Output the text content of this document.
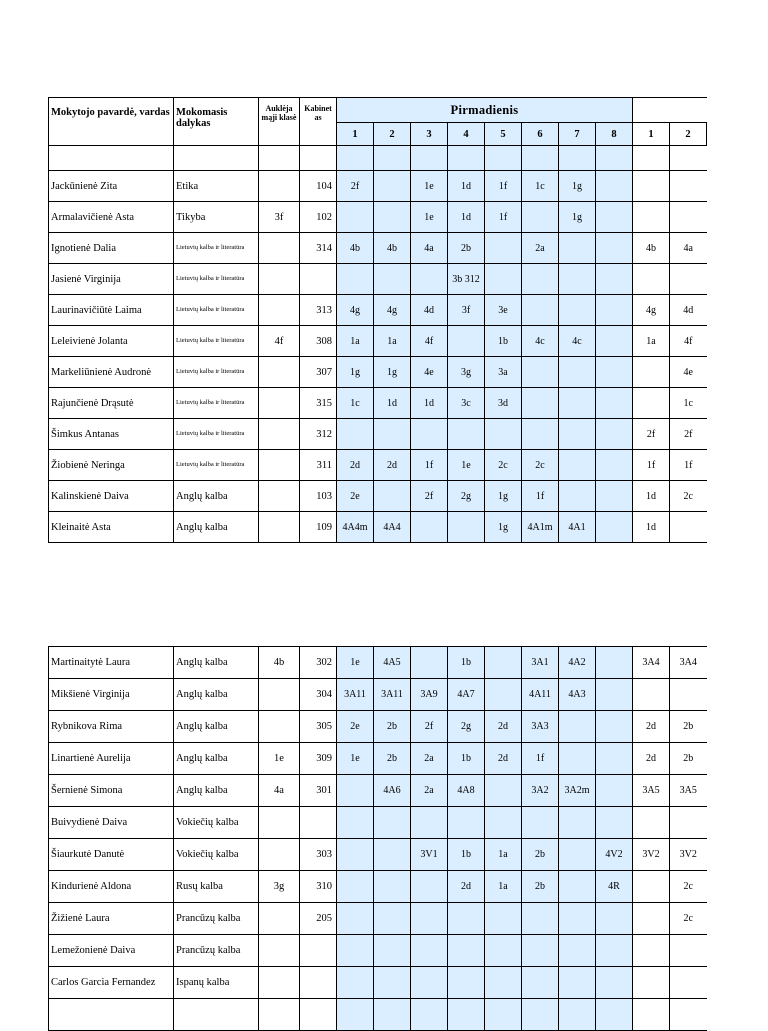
Mokytojo pavardė, vardas	Mokomasis dalykas	Auklėja mąji klasė	Kabinet as	Pirmadienis									
				1	2	3	4	5	6	7	8	1	2

Jackūnienė Zita	Etika		104	2f		1e	1d	1f	1c	1g			
Armalavičienė Asta	Tikyba	3f	102			1e	1d	1f		1g			
Ignotienė Dalia	Lietuvių kalba ir literatūra		314	4b	4b	4a	2b		2a			4b	4a
Jasienė Virginija	Lietuvių kalba ir literatūra						3b 312						
Laurinavičiūtė Laima	Lietuvių kalba ir literatūra		313	4g	4g	4d	3f	3e				4g	4d
Leleivienė Jolanta	Lietuvių kalba ir literatūra	4f	308	1a	1a	4f		1b	4c	4c		1a	4f
Markeliūnienė Audronė	Lietuvių kalba ir literatūra		307	1g	1g	4e	3g	3a					4e
Rajunčienė Drąsutė	Lietuvių kalba ir literatūra		315	1c	1d	1d	3c	3d					1c
Šimkus Antanas	Lietuvių kalba ir literatūra		312									2f	2f
Žiobienė Neringa	Lietuvių kalba ir literatūra		311	2d	2d	1f	1e	2c	2c			1f	1f
Kalinskienė Daiva	Anglų kalba		103	2e		2f	2g	1g	1f			1d	2c
Kleinaitė Asta	Anglų kalba		109	4A4m	4A4			1g	4A1m	4A1		1d	
Martinaitytė Laura	Anglų kalba	4b	302	1e	4A5		1b		3A1	4A2		3A4	3A4
Mikšienė Virginija	Anglų kalba		304	3A11	3A11	3A9	4A7		4A11	4A3			
Rybnikova Rima	Anglų kalba		305	2e	2b	2f	2g	2d	3A3			2d	2b
Linartienė Aurelija	Anglų kalba	1e	309	1e	2b	2a	1b	2d	1f			2d	2b
Šernienė Simona	Anglų kalba	4a	301		4A6	2a	4A8		3A2	3A2m		3A5	3A5
Buivydienė Daiva	Vokiečių kalba												
Šiaurkutė Danutė	Vokiečių kalba		303			3V1	1b	1a	2b		4V2	3V2	3V2
Kindurienė Aldona	Rusų kalba	3g	310				2d	1a	2b		4R		2c
Žižienė Laura	Prancūzų kalba		205										2c
Lemežonienė Daiva	Prancūzų kalba												
Carlos Garcia Fernandez	Ispanų kalba												
